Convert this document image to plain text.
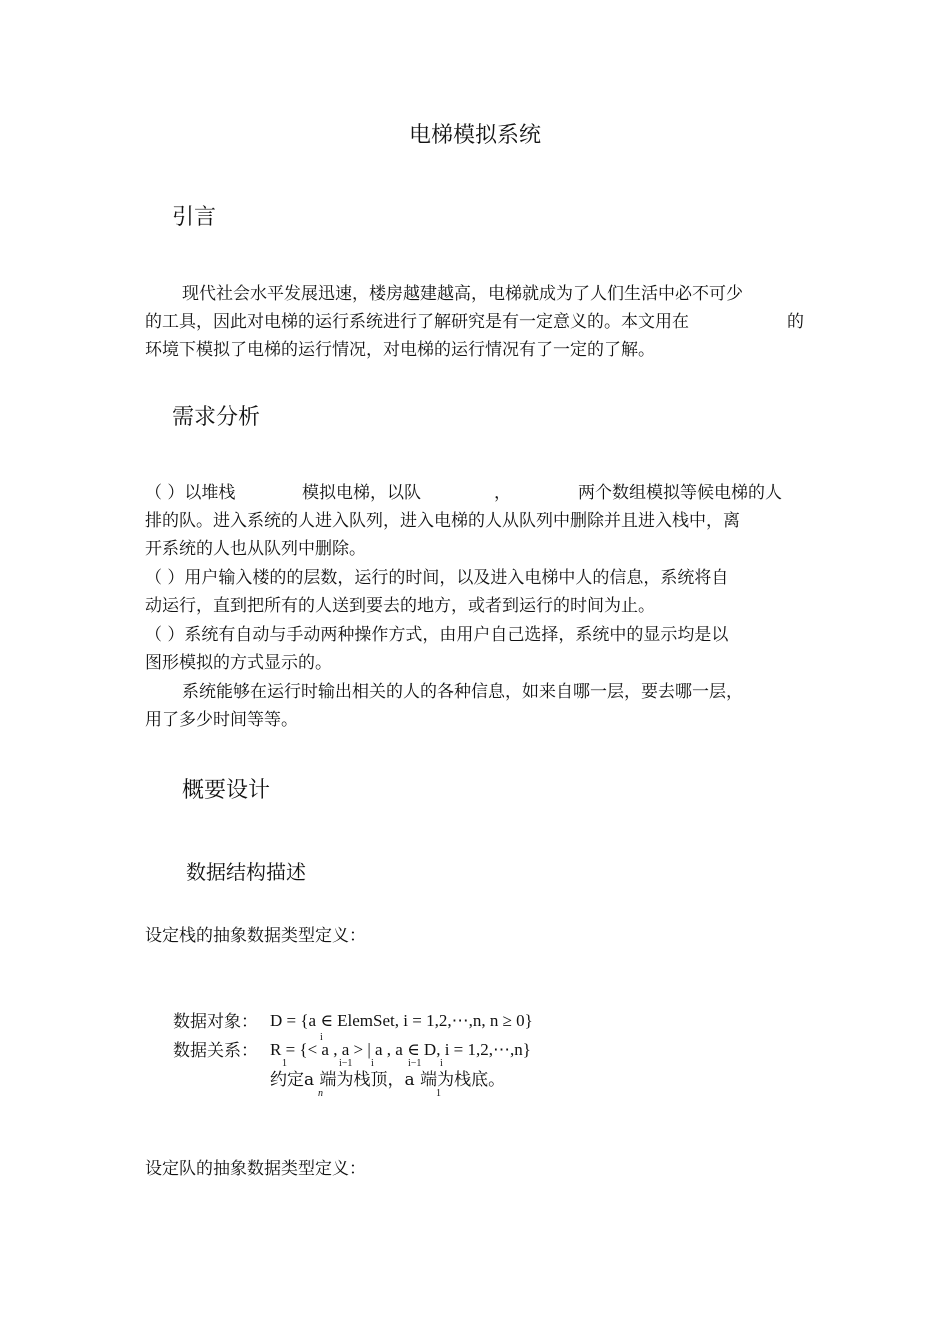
电梯模拟系统
引言
现代社会水平发展迅速，楼房越建越高，电梯就成为了人们生活中必不可少
的工具，因此对电梯的运行系统进行了解研究是有一定意义的。本文用在	的
环境下模拟了电梯的运行情况，对电梯的运行情况有了一定的了解。
需求分析
（ ）以堆栈	模拟电梯，以队	，	两个数组模拟等候电梯的人
排的队。进入系统的人进入队列，进入电梯的人从队列中删除并且进入栈中，离
开系统的人也从队列中删除。
（ ）用户输入楼的的层数，运行的时间，以及进入电梯中人的信息，系统将自
动运行，直到把所有的人送到要去的地方，或者到运行的时间为止。
（ ）系统有自动与手动两种操作方式，由用户自己选择，系统中的显示均是以
图形模拟的方式显示的。
系统能够在运行时输出相关的人的各种信息，如来自哪一层，要去哪一层，
用了多少时间等等。
概要设计
数据结构描述
设定栈的抽象数据类型定义：
数据对象： D = {a ∈ ElemSet, i = 1,2,⋯,n, n ≥ 0}
i
数据关系： R = {< a , a > | a , a ∈ D, i = 1,2,⋯,n}
1	i−1 i	i−1 i
约定a 端为栈顶，a 端为栈底。
n	1
设定队的抽象数据类型定义：
